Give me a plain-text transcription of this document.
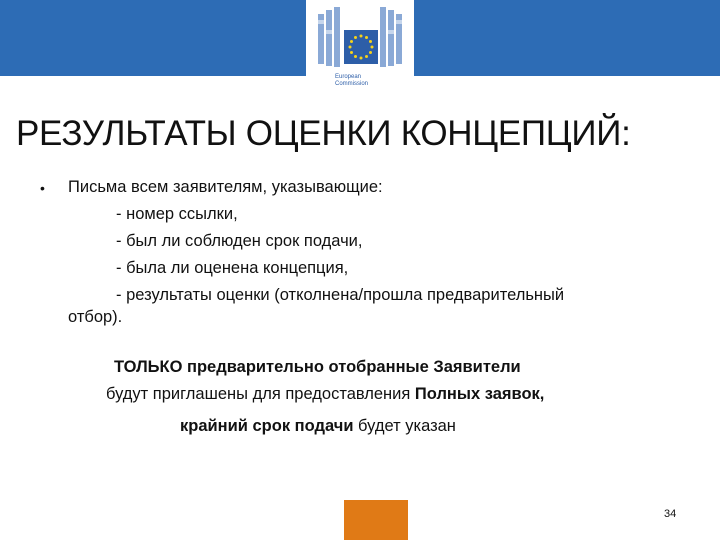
European
Commission
РЕЗУЛЬТАТЫ ОЦЕНКИ КОНЦЕПЦИЙ:
• Письма всем заявителям, указывающие:
- номер ссылки,
- был ли соблюден срок подачи,
- была ли оценена концепция,
- результаты оценки (отколнена/прошла предварительный
отбор).
ТОЛЬКО предварительно отобранные Заявители
будут приглашены для предоставления Полных заявок,
крайний срок подачи будет указан
34
